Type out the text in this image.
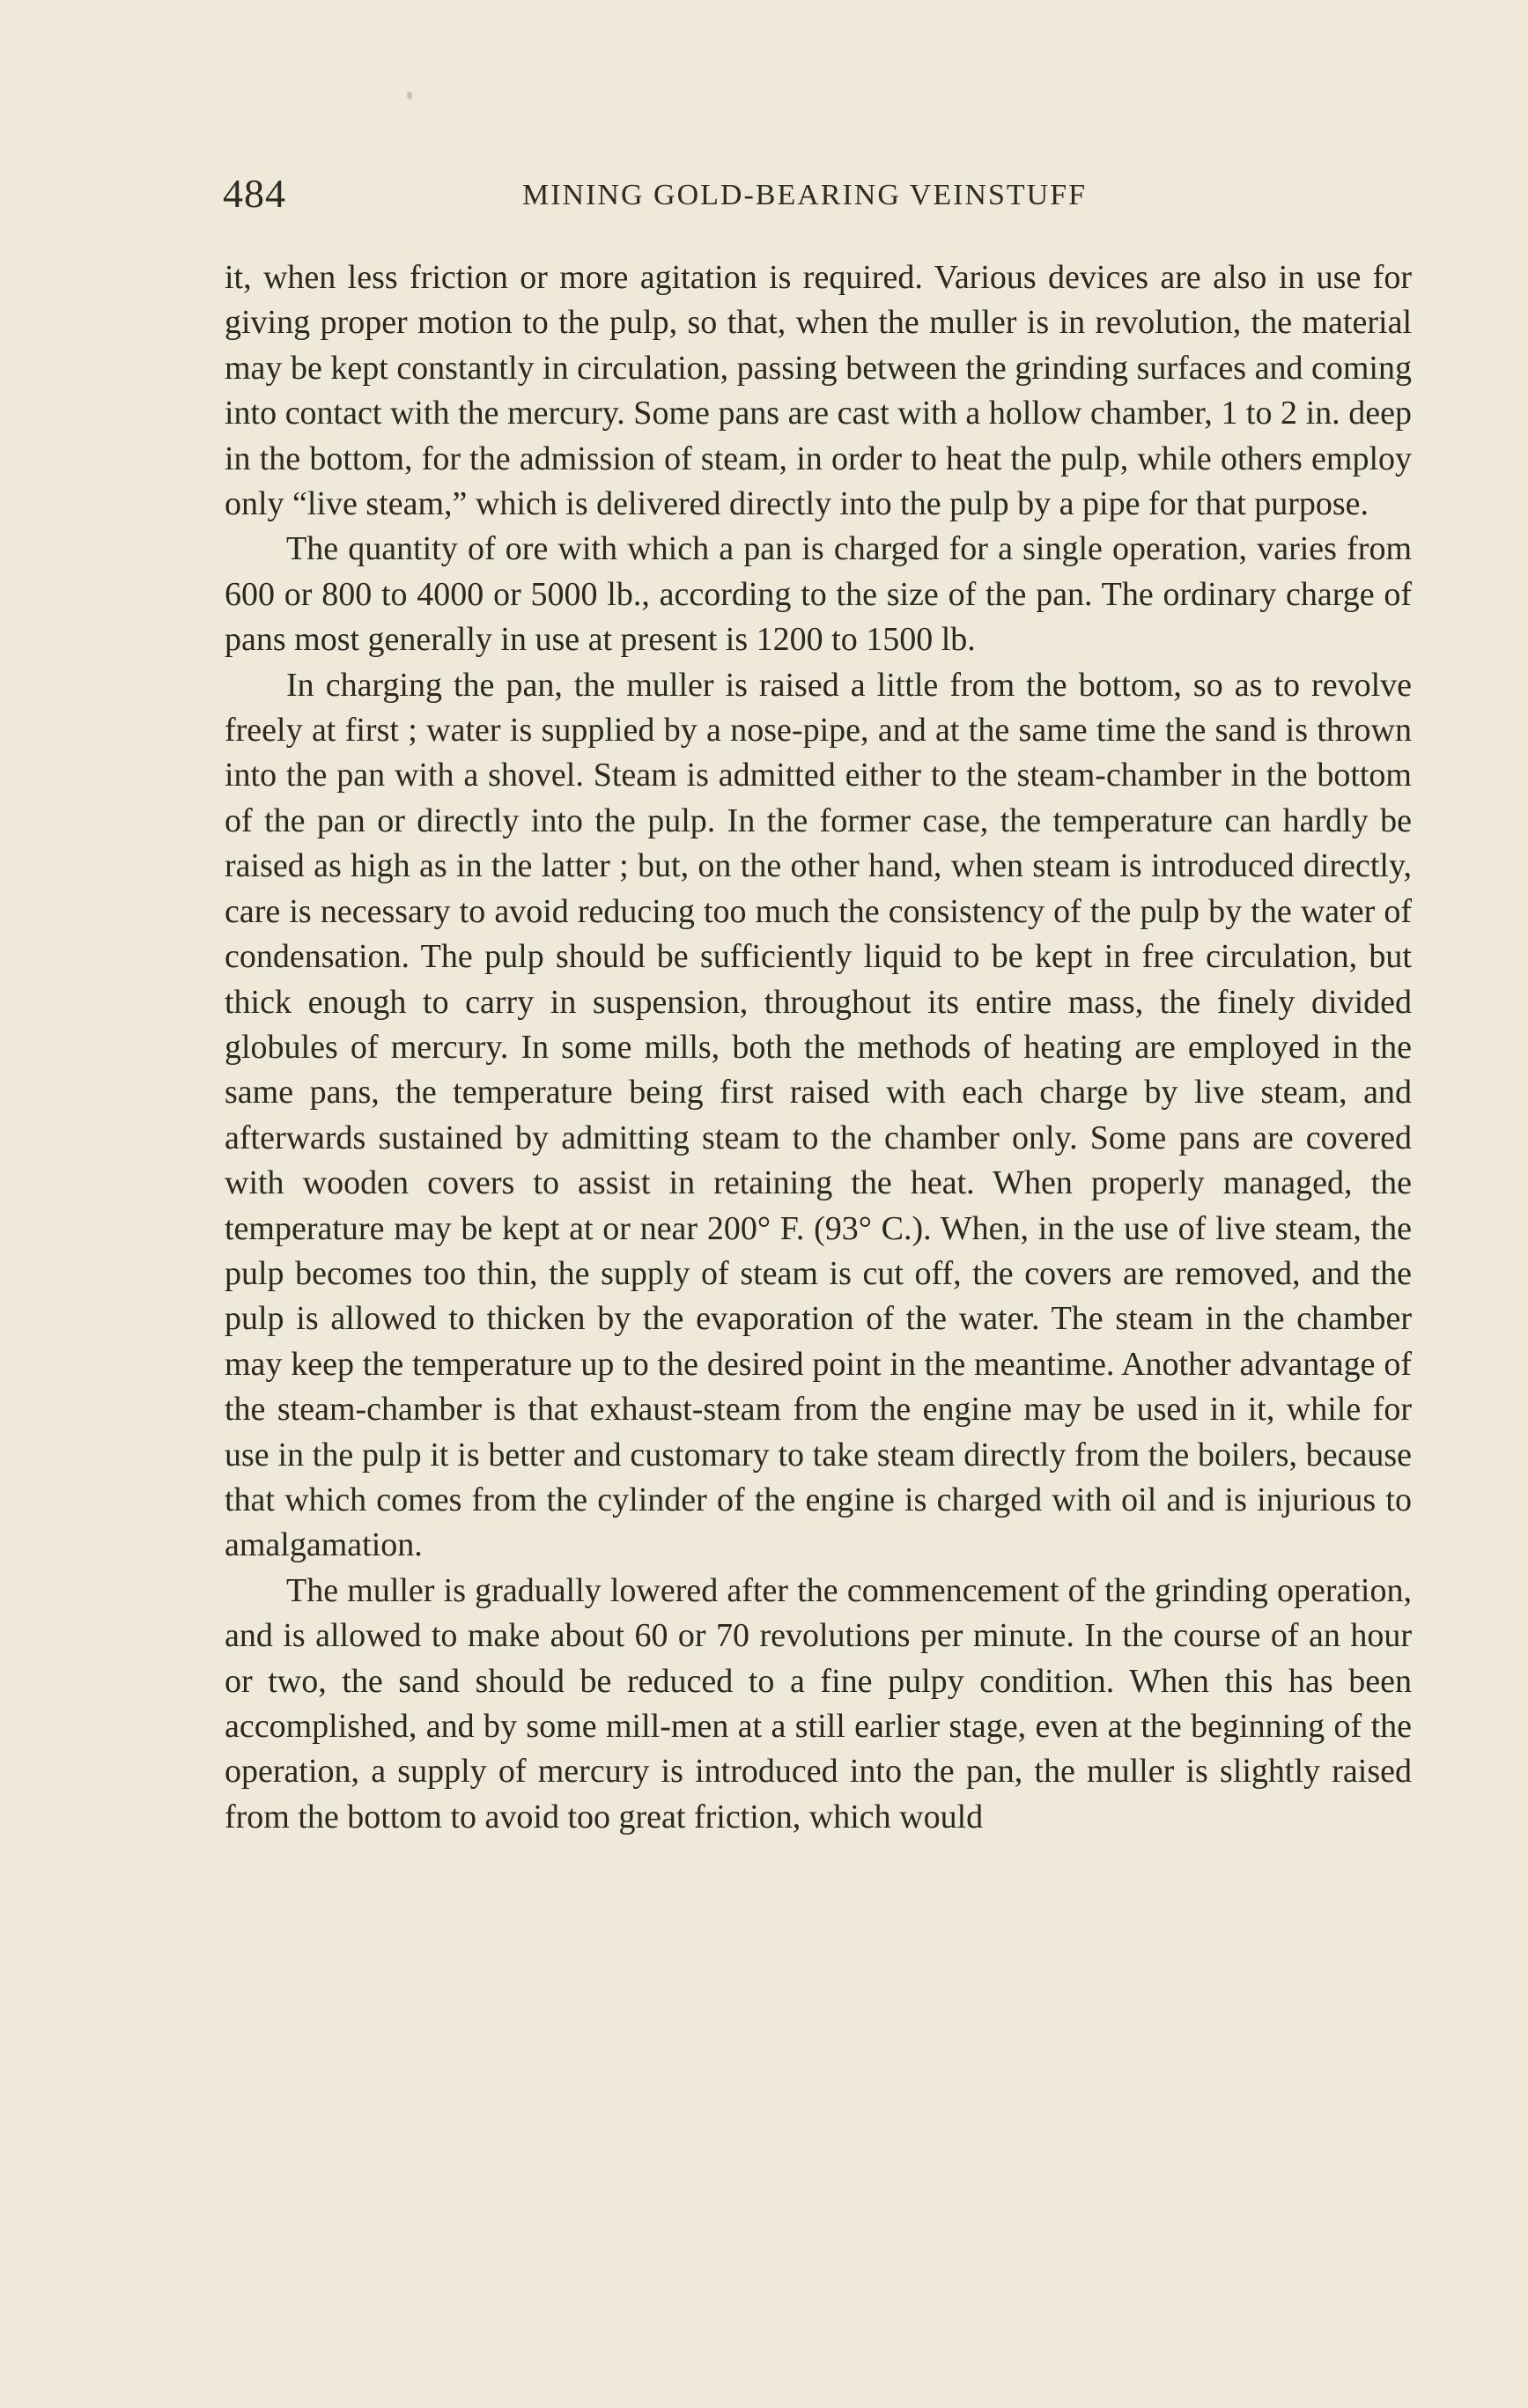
484	MINING GOLD-BEARING VEINSTUFF

it, when less friction or more agitation is required. Various devices are also in use for giving proper motion to the pulp, so that, when the muller is in revolution, the material may be kept constantly in circulation, passing between the grinding surfaces and coming into contact with the mercury. Some pans are cast with a hollow chamber, 1 to 2 in. deep in the bottom, for the admission of steam, in order to heat the pulp, while others employ only “live steam,” which is delivered directly into the pulp by a pipe for that purpose.

The quantity of ore with which a pan is charged for a single operation, varies from 600 or 800 to 4000 or 5000 lb., according to the size of the pan. The ordinary charge of pans most generally in use at present is 1200 to 1500 lb.

In charging the pan, the muller is raised a little from the bottom, so as to revolve freely at first ; water is supplied by a nose-pipe, and at the same time the sand is thrown into the pan with a shovel. Steam is admitted either to the steam-chamber in the bottom of the pan or directly into the pulp. In the former case, the temperature can hardly be raised as high as in the latter ; but, on the other hand, when steam is introduced directly, care is necessary to avoid reducing too much the consistency of the pulp by the water of condensation. The pulp should be sufficiently liquid to be kept in free circulation, but thick enough to carry in suspension, throughout its entire mass, the finely divided globules of mercury. In some mills, both the methods of heating are employed in the same pans, the temperature being first raised with each charge by live steam, and afterwards sustained by admitting steam to the chamber only. Some pans are covered with wooden covers to assist in retaining the heat. When properly managed, the temperature may be kept at or near 200° F. (93° C.). When, in the use of live steam, the pulp becomes too thin, the supply of steam is cut off, the covers are removed, and the pulp is allowed to thicken by the evaporation of the water. The steam in the chamber may keep the temperature up to the desired point in the meantime. Another advantage of the steam-chamber is that exhaust-steam from the engine may be used in it, while for use in the pulp it is better and customary to take steam directly from the boilers, because that which comes from the cylinder of the engine is charged with oil and is injurious to amalgamation.

The muller is gradually lowered after the commencement of the grinding operation, and is allowed to make about 60 or 70 revolutions per minute. In the course of an hour or two, the sand should be reduced to a fine pulpy condition. When this has been accomplished, and by some mill-men at a still earlier stage, even at the beginning of the operation, a supply of mercury is introduced into the pan, the muller is slightly raised from the bottom to avoid too great friction, which would
